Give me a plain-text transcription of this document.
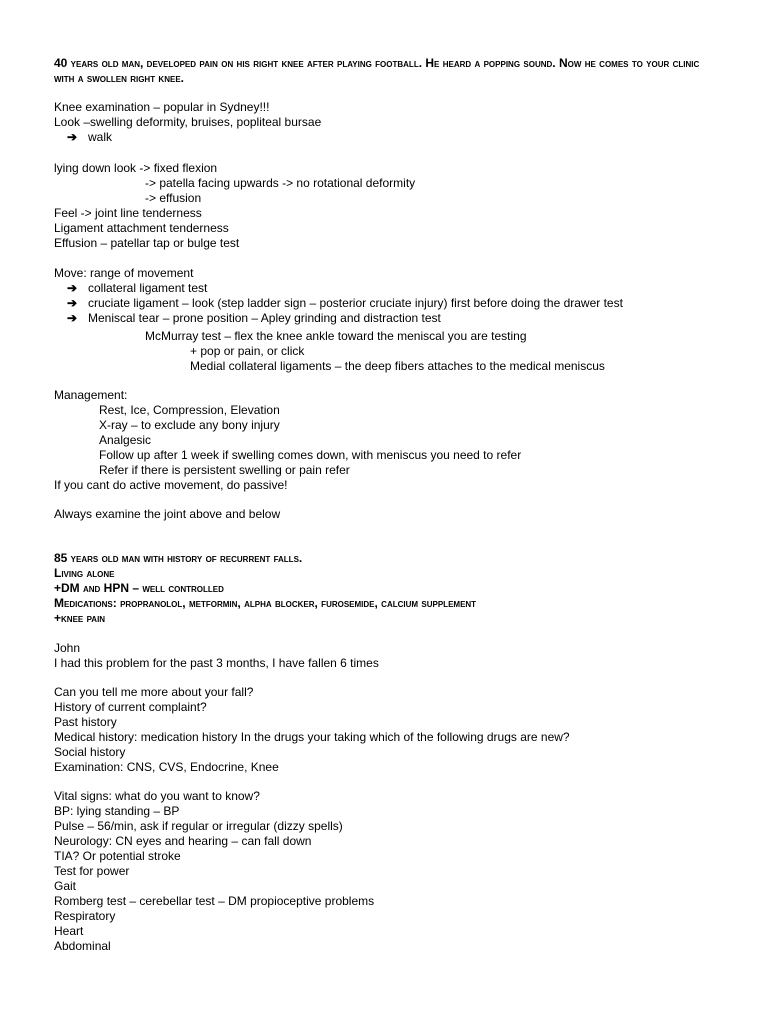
40 years old man, developed pain on his right knee after playing football. He heard a popping sound. Now he comes to your clinic with a swollen right knee.
Knee examination – popular in Sydney!!!
Look –swelling deformity, bruises, popliteal bursae
➔ walk
lying down look -> fixed flexion
-> patella facing upwards -> no rotational deformity
-> effusion
Feel -> joint line tenderness
Ligament attachment tenderness
Effusion – patellar tap or bulge test
Move: range of movement
➔ collateral ligament test
➔ cruciate ligament – look (step ladder sign – posterior cruciate injury) first before doing the drawer test
➔ Meniscal tear – prone position – Apley grinding and distraction test
McMurray test – flex the knee ankle toward the meniscal you are testing
+ pop or pain, or click
Medial collateral ligaments – the deep fibers attaches to the medical meniscus
Management:
Rest, Ice, Compression, Elevation
X-ray – to exclude any bony injury
Analgesic
Follow up after 1 week if swelling comes down, with meniscus you need to refer
Refer if there is persistent swelling or pain refer
If you cant do active movement, do passive!
Always examine the joint above and below
85 years old man with history of recurrent falls.
Living alone
+DM and HPN – well controlled
Medications: propranolol, metformin, alpha blocker, furosemide, calcium supplement
+knee pain
John
I had this problem for the past 3 months, I have fallen 6 times
Can you tell me more about your fall?
History of current complaint?
Past history
Medical history: medication history In the drugs your taking which of the following drugs are new?
Social history
Examination: CNS, CVS, Endocrine, Knee
Vital signs: what do you want to know?
BP: lying standing – BP
Pulse – 56/min, ask if regular or irregular (dizzy spells)
Neurology: CN eyes and hearing – can fall down
TIA? Or potential stroke
Test for power
Gait
Romberg test – cerebellar test – DM propioceptive problems
Respiratory
Heart
Abdominal
